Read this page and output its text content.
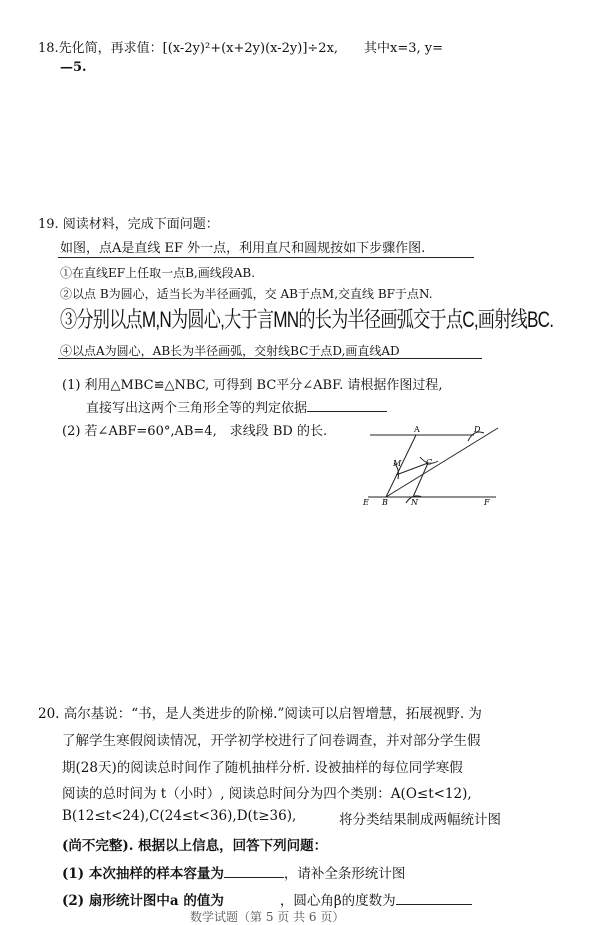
18.先化简，再求值：[(x-2y)²+(x+2y)(x-2y)]÷2x,　　其中x=3, y=
—5.
19. 阅读材料，完成下面问题：
如图，点A是直线 EF 外一点，利用直尺和圆规按如下步骤作图.
①在直线EF上任取一点B,画线段AB.
②以点 B为圆心，适当长为半径画弧，交 AB于点M,交直线 BF于点N.
③分别以点M,N为圆心,大于言MN的长为半径画弧交于点C,画射线BC.
④以点A为圆心，AB长为半径画弧，交射线BC于点D,画直线AD
(1) 利用△MBC≌△NBC, 可得到 BC平分∠ABF. 请根据作图过程,
直接写出这两个三角形全等的判定依据
(2) 若∠ABF=60°,AB=4,　求线段 BD 的长.	A	D
M	C
E B	N	F
20. 高尔基说：“书，是人类进步的阶梯.”阅读可以启智增慧，拓展视野. 为
了解学生寒假阅读情况，开学初学校进行了问卷调查，并对部分学生假
期(28天)的阅读总时间作了随机抽样分析. 设被抽样的每位同学寒假
阅读的总时间为 t（小时）, 阅读总时间分为四个类别：A(O≤t<12),
B(12≤t<24),C(24≤t<36),D(t≥36),	将分类结果制成两幅统计图
(尚不完整). 根据以上信息，回答下列问题：
(1) 本次抽样的样本容量为	，请补全条形统计图
(2) 扇形统计图中a 的值为	，圆心角β的度数为
数学试题（第 5 页 共 6 页）
